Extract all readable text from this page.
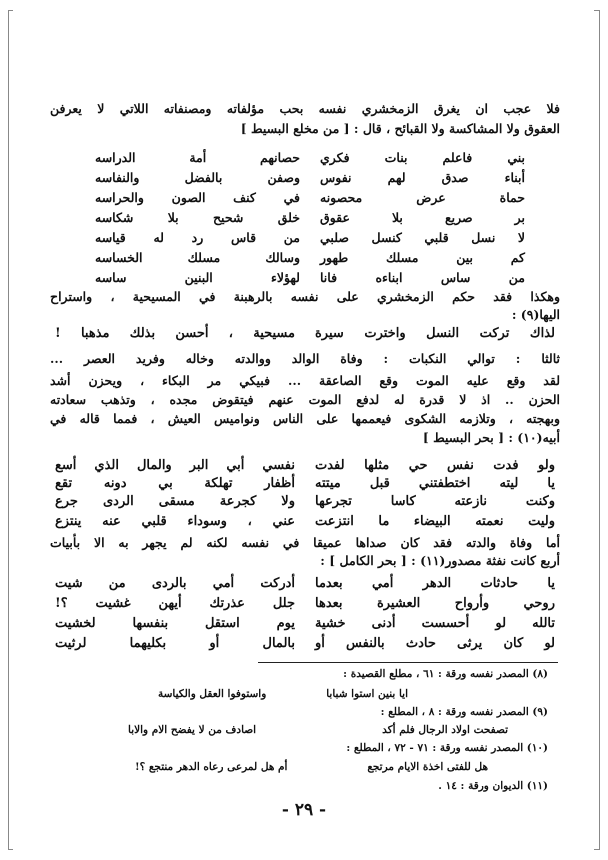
فلا عجب ان يغرق الزمخشري نفسه بحب مؤلفاته ومصنفاته اللاتي لا يعرفن
العقوق ولا المشاكسة ولا القبائح ، قال : [ من مخلع البسيط ]
بني فاعلم بنات فكري
حصانهم أمة الدراسه
أبناء صدق لهم نفوس
وصفن بالفضل والنفاسه
حماة عرض محصونه
في كنف الصون والحراسه
بر صريع بلا عقوق
خلق شحيح بلا شكاسه
من قاس رد له قياسه لا نسل قلبي كنسل صلبي
كم بين مسلك طهور
وسالك مسلك الخساسه
من ساس ابناءه فانا
لهؤلاء البنين ساسه
وهكذا فقد حكم الزمخشري على نفسه بالرهبنة في المسيحية ، واستراح
اليها(٩) :
لذاك تركت النسل واخترت سيرة
مسيحية ، أحسن بذلك مذهبا !
ثالثا : توالي النكبات : وفاة الوالد ووالدته وخاله وفريد العصر ...
لقد وقع عليه الموت وقع الصاعقة ... فبيكي مر البكاء ، ويحزن أشد
الحزن .. اذ لا قدرة له لدفع الموت عنهم فيتقوض مجده ، وتذهب سعادته
وبهجته ، وتلازمه الشكوى فيعممها على الناس ونواميس العيش ، فمما قاله في
أبيه(١٠) : [ بحر البسيط ]
ولو فدت نفس حي مثلها لفدت
نفسي أبي البر والمال الذي أسع
يا ليته اختطفتني قبل ميتته
أظفار تهلكة بي دونه تقع
وكنت نازعته كاسا تجرعها
ولا كجرعة مسقى الردى جرع
وليت نعمته البيضاء ما انتزعت
عني ، وسوداء قلبي عنه ينتزع
أما وفاة والدته فقد كان صداها عميقا في نفسه لكنه لم يجهر به الا بأبيات
أربع كانت نفثة مصدور(١١) : [ بحر الكامل ] :
يا حادثات الدهر أمي بعدما
أدركت أمي بالردى من شيت
روحي وأرواح العشيرة بعدها
جلل عذرتك أيهن غشيت ؟!
تالله لو أحسست أدنى خشية
يوم استقل بنفسها لخشيت
لو كان يرثى حادث بالنفس أو
بالمال أو بكليهما لرثيت
(٨) المصدر نفسه ورقة : ٦١ ، مطلع القصيدة :
ايا بنين استوا شبابا
واستوفوا العقل والكياسة
(٩) المصدر نفسه ورقة : ٨ ، المطلع :
تصفحت اولاد الرجال فلم أكد
اصادف من لا يفضح الام والابا
(١٠) المصدر نفسه ورقة : ٧١ - ٧٢ ، المطلع :
هل للفتى اخذة الايام مرتجع
أم هل لمرعى رعاه الدهر منتجع ؟!
(١١) الديوان ورقة : ١٤ .
- ٢٩ -
